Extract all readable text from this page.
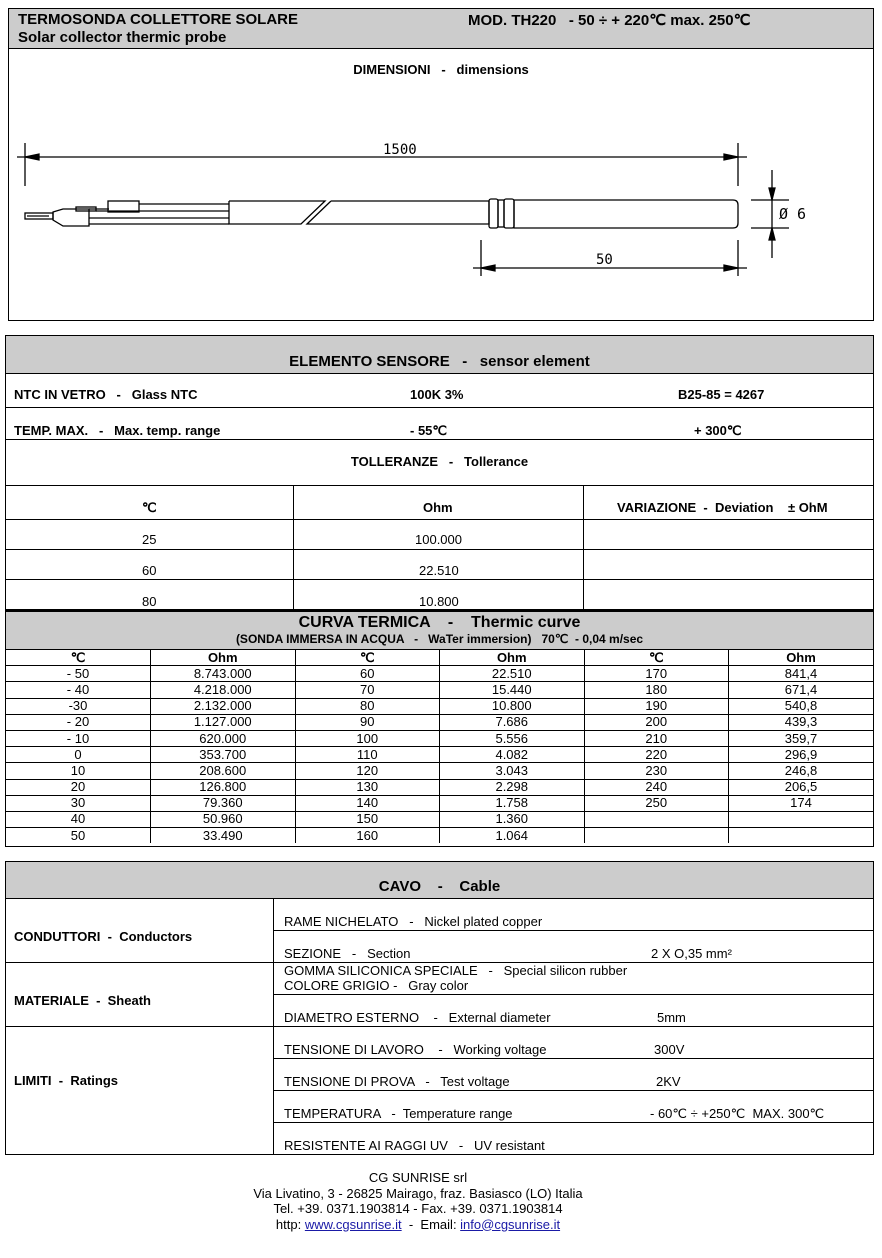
TERMOSONDA COLLETTORE SOLARE
Solar collector thermic probe
MOD. TH220   - 50 ÷ + 220℃ max. 250℃
DIMENSIONI   -   dimensions
1500
50
Ø 6
ELEMENTO SENSORE   -   sensor element
NTC IN VETRO   -   Glass NTC	100K 3%	B25-85 = 4267
TEMP. MAX.   -   Max. temp. range	- 55℃	+ 300℃
TOLLERANZE   -   Tollerance
℃	Ohm	VARIAZIONE  -  Deviation    ± OhM
25	100.000
60	22.510
80	10.800
CURVA TERMICA    -    Thermic curve
(SONDA IMMERSA IN ACQUA   -   WaTer immersion)   70℃  - 0,04 m/sec
℃	Ohm	℃	Ohm	℃	Ohm
- 50	8.743.000	60	22.510	170	841,4
- 40	4.218.000	70	15.440	180	671,4
-30	2.132.000	80	10.800	190	540,8
- 20	1.127.000	90	7.686	200	439,3
- 10	620.000	100	5.556	210	359,7
0	353.700	110	4.082	220	296,9
10	208.600	120	3.043	230	246,8
20	126.800	130	2.298	240	206,5
30	79.360	140	1.758	250	174
40	50.960	150	1.360		
50	33.490	160	1.064		
CAVO    -    Cable
CONDUTTORI  -  Conductors
RAME NICHELATO   -   Nickel plated copper
SEZIONE   -   Section	2 X O,35 mm²
MATERIALE  -  Sheath
GOMMA SILICONICA SPECIALE   -   Special silicon rubber
COLORE GRIGIO -   Gray color
DIAMETRO ESTERNO    -   External diameter	5mm
LIMITI  -  Ratings
TENSIONE DI LAVORO    -   Working voltage	300V
TENSIONE DI PROVA   -   Test voltage	2KV
TEMPERATURA   -  Temperature range	- 60℃ ÷ +250℃  MAX. 300℃
RESISTENTE AI RAGGI UV   -   UV resistant
CG SUNRISE srl
Via Livatino, 3 - 26825 Mairago, fraz. Basiasco (LO) Italia
Tel. +39. 0371.1903814 - Fax. +39. 0371.1903814
http: www.cgsunrise.it  -  Email: info@cgsunrise.it
